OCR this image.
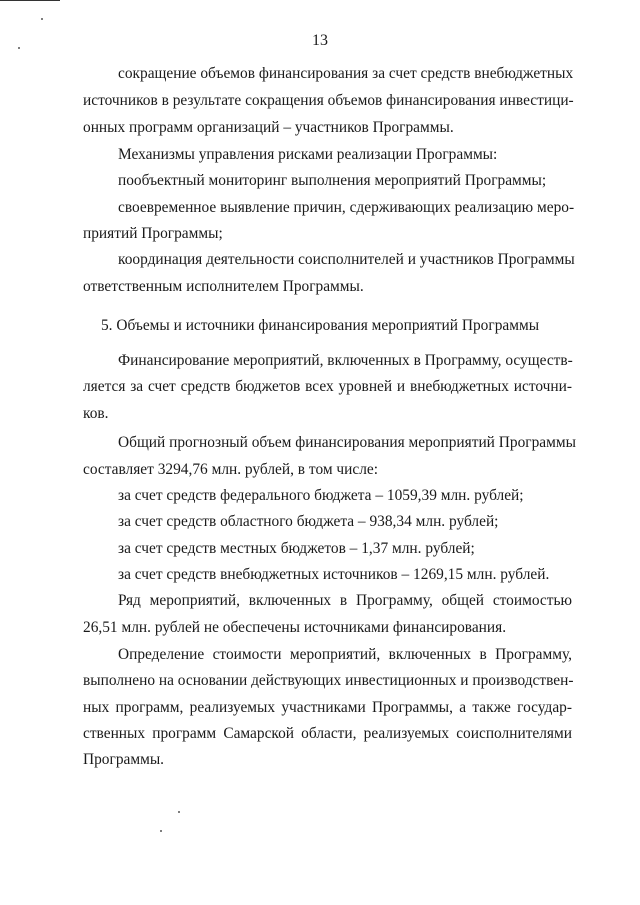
13
сокращение объемов финансирования за счет средств внебюджетных
источников в результате сокращения объемов финансирования инвестици-
онных программ организаций – участников Программы.
Механизмы управления рисками реализации Программы:
пообъектный мониторинг выполнения мероприятий Программы;
своевременное выявление причин, сдерживающих реализацию меро-
приятий Программы;
координация деятельности соисполнителей и участников Программы
ответственным исполнителем Программы.
5. Объемы и источники финансирования мероприятий Программы
Финансирование мероприятий, включенных в Программу, осуществ-
ляется за счет средств бюджетов всех уровней и внебюджетных источни-
ков.
Общий прогнозный объем финансирования мероприятий Программы
составляет 3294,76 млн. рублей, в том числе:
за счет средств федерального бюджета – 1059,39 млн. рублей;
за счет средств областного бюджета – 938,34 млн. рублей;
за счет средств местных бюджетов – 1,37 млн. рублей;
за счет средств внебюджетных источников – 1269,15 млн. рублей.
Ряд мероприятий, включенных в Программу, общей стоимостью
26,51 млн. рублей не обеспечены источниками финансирования.
Определение стоимости мероприятий, включенных в Программу,
выполнено на основании действующих инвестиционных и производствен-
ных программ, реализуемых участниками Программы, а также государ-
ственных программ Самарской области, реализуемых соисполнителями
Программы.
